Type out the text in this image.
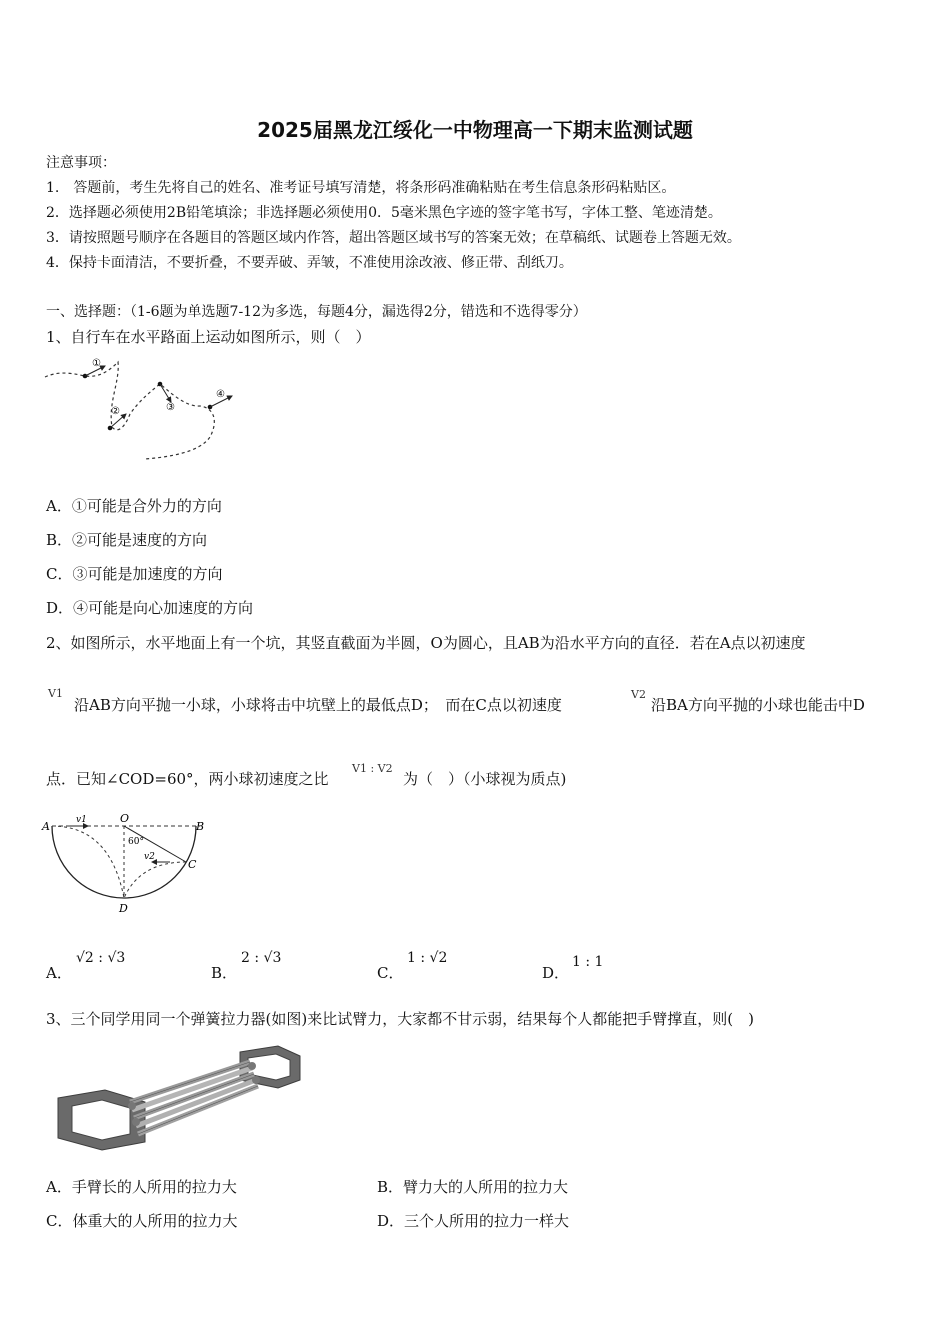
2025届黑龙江绥化一中物理高一下期末监测试题
注意事项：
1.　答题前，考生先将自己的姓名、准考证号填写清楚，将条形码准确粘贴在考生信息条形码粘贴区。
2．选择题必须使用2B铅笔填涂；非选择题必须使用0．5毫米黑色字迹的签字笔书写，字体工整、笔迹清楚。
3．请按照题号顺序在各题目的答题区域内作答，超出答题区域书写的答案无效；在草稿纸、试题卷上答题无效。
4．保持卡面清洁，不要折叠，不要弄破、弄皱，不准使用涂改液、修正带、刮纸刀。
一、选择题：（1-6题为单选题7-12为多选，每题4分，漏选得2分，错选和不选得零分）
1、自行车在水平路面上运动如图所示，则（　）
①
②	③
④
A．①可能是合外力的方向
B．②可能是速度的方向
C．③可能是加速度的方向
D．④可能是向心加速度的方向
2、如图所示，水平地面上有一个坑，其竖直截面为半圆，O为圆心，且AB为沿水平方向的直径．若在A点以初速度
V1
沿AB方向平抛一小球，小球将击中坑壁上的最低点D；　而在C点以初速度
V2
沿BA方向平抛的小球也能击中D
点．已知∠COD=60°，两小球初速度之比
V1 : V2
为（　）（小球视为质点)
A	B
O
C
D
v1
v2
60°
A．
√2 : √3
B．
2 : √3
C．
1 : √2
D．
1 : 1
3、三个同学用同一个弹簧拉力器(如图)来比试臂力，大家都不甘示弱，结果每个人都能把手臂撑直，则(　)
A．手臂长的人所用的拉力大	B．臂力大的人所用的拉力大
C．体重大的人所用的拉力大	D．三个人所用的拉力一样大
